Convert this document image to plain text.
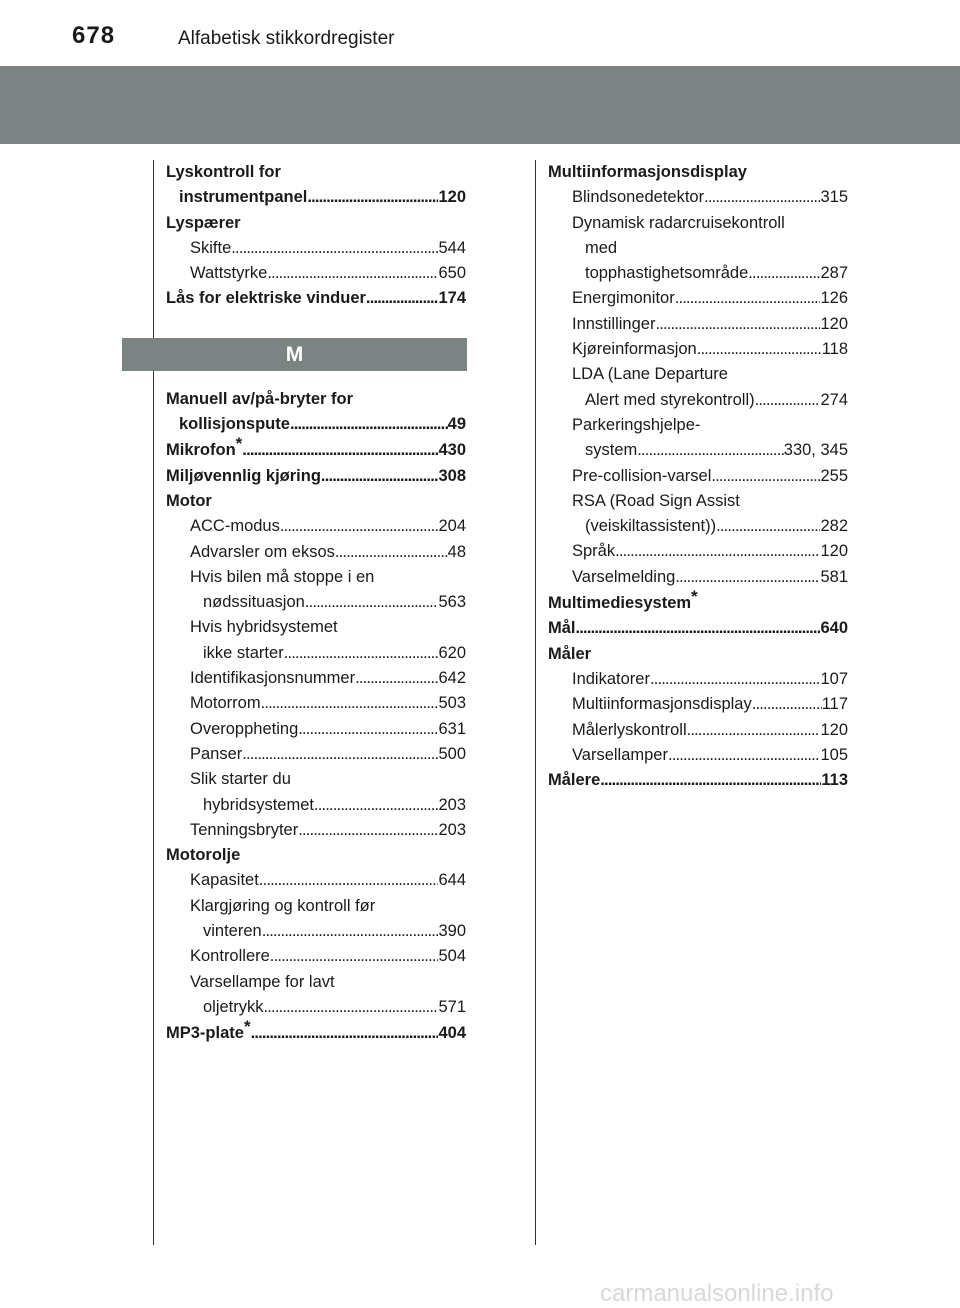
678	Alfabetisk stikkordregister
Lyskontroll for
instrumentpanel . . .	120
Lyspærer
Skifte . . .	544
Wattstyrke . . .	650
Lås for elektriske vinduer . . .	174
Manuell av/på-bryter for
kollisjonspute . . .	49
Mikrofon * . . .	430
Miljøvennlig kjøring . . .	308
Motor
ACC-modus . . .	204
Advarsler om eksos . . .	48
Hvis bilen må stoppe i en
nødssituasjon . . .	563
Hvis hybridsystemet
ikke starter . . .	620
Identifikasjonsnummer . . .	642
Motorrom . . .	503
Overoppheting . . .	631
Panser . . .	500
Slik starter du
hybridsystemet . . .	203
Tenningsbryter . . .	203
Motorolje
Kapasitet . . .	644
Klargjøring og kontroll før
vinteren . . .	390
Kontrollere . . .	504
Varsellampe for lavt
oljetrykk . . .	571
MP3-plate * . . .	404
M
Multiinformasjonsdisplay
Blindsonedetektor . . .	315
Dynamisk radarcruisekontroll
med
topphastighetsområde . . .	287
Energimonitor . . .	126
Innstillinger . . .	120
Kjøreinformasjon . . .	118
LDA (Lane Departure
Alert med styrekontroll) . . .	274
Parkeringshjelpe-
system . . .	330, 345
Pre-collision-varsel . . .	255
RSA (Road Sign Assist
(veiskiltassistent)) . . .	282
Språk . . .	120
Varselmelding . . .	581
Multimediesystem*
Mål . . .	640
Måler
Indikatorer . . .	107
Multiinformasjonsdisplay . . .	117
Målerlyskontroll . . .	120
Varsellamper . . .	105
Målere . . .	113
carmanualsonline.info
